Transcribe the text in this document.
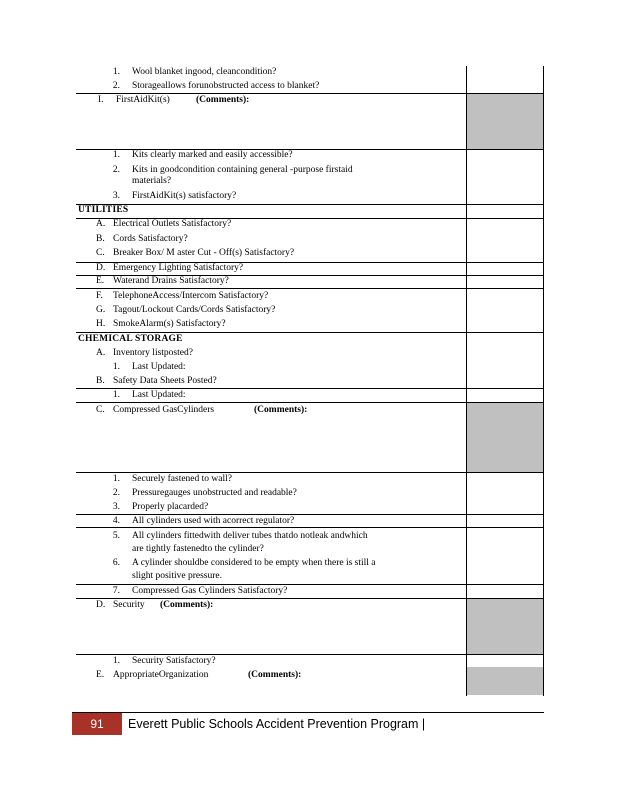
1. Wool blanket ingood, cleancondition?
2. Storageallows forunobstructed access to blanket?
I. FirstAidKit(s)	(Comments):
1. Kits clearly marked and easily accessible?
2. Kits in goodcondition containing general -purpose firstaid
materials?
3. FirstAidKit(s) satisfactory?
UTILITIES
A. Electrical Outlets Satisfactory?
B. Cords Satisfactory?
C. Breaker Box/ M aster Cut - Off(s) Satisfactory?
D. Emergency Lighting Satisfactory?
E. Waterand Drains Satisfactory?
F. TelephoneAccess/Intercom Satisfactory?
G. Tagout/Lockout Cards/Cords Satisfactory?
H. SmokeAlarm(s) Satisfactory?
CHEMICAL STORAGE
A. Inventory listposted?
1. Last Updated:
B. Safety Data Sheets Posted?
1. Last Updated:
C. Compressed GasCylinders	(Comments):
1. Securely fastened to wall?
2. Pressuregauges unobstructed and readable?
3. Properly placarded?
4. All cylinders used with acorrect regulator?
5. All cylinders fittedwith deliver tubes thatdo notleak andwhich
are tightly fastenedto the cylinder?
6. A cylinder shouldbe considered to be empty when there is still a
slight positive pressure.
7. Compressed Gas Cylinders Satisfactory?
D. Security (Comments):
1. Security Satisfactory?
E. AppropriateOrganization	(Comments):
91	Everett Public Schools Accident Prevention Program |
